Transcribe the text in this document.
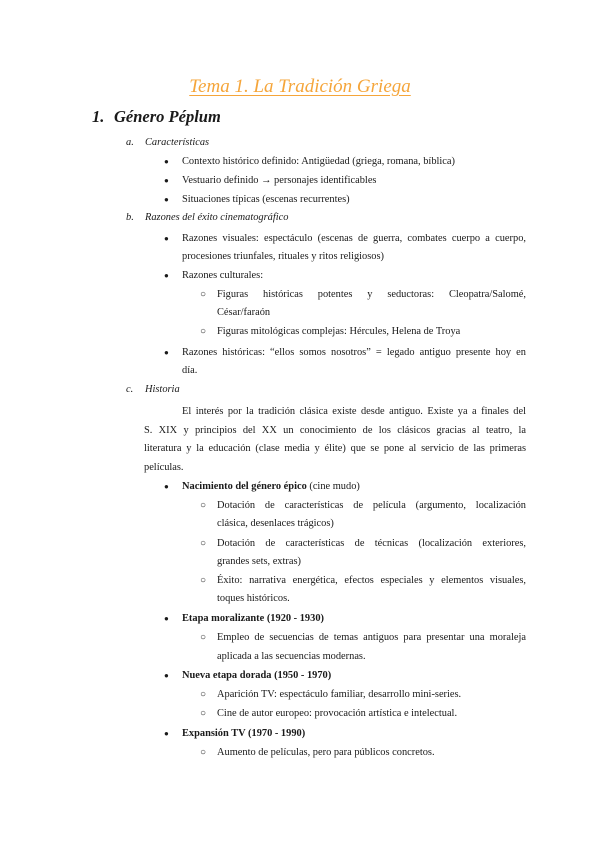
Tema 1. La Tradición Griega
1. Género Péplum
a. Características
● Contexto histórico definido: Antigüedad (griega, romana, bíblica)
● Vestuario definido → personajes identificables
● Situaciones típicas (escenas recurrentes)
b. Razones del éxito cinematográfico
● Razones visuales: espectáculo (escenas de guerra, combates cuerpo a cuerpo,
procesiones triunfales, rituales y ritos religiosos)
● Razones culturales:
○ Figuras históricas potentes y seductoras: Cleopatra/Salomé,
César/faraón
○ Figuras mitológicas complejas: Hércules, Helena de Troya
● Razones históricas: “ellos somos nosotros” = legado antiguo presente hoy en
día.
c. Historia
El interés por la tradición clásica existe desde antiguo. Existe ya a finales del
S. XIX y principios del XX un conocimiento de los clásicos gracias al teatro, la
literatura y la educación (clase media y élite) que se pone al servicio de las primeras
películas.
● Nacimiento del género épico (cine mudo)
○ Dotación de características de película (argumento, localización
clásica, desenlaces trágicos)
○ Dotación de características de técnicas (localización exteriores,
grandes sets, extras)
○ Éxito: narrativa energética, efectos especiales y elementos visuales,
toques históricos.
● Etapa moralizante (1920 - 1930)
○ Empleo de secuencias de temas antiguos para presentar una moraleja
aplicada a las secuencias modernas.
● Nueva etapa dorada (1950 - 1970)
○ Aparición TV: espectáculo familiar, desarrollo mini-series.
○ Cine de autor europeo: provocación artística e intelectual.
● Expansión TV (1970 - 1990)
○ Aumento de películas, pero para públicos concretos.
